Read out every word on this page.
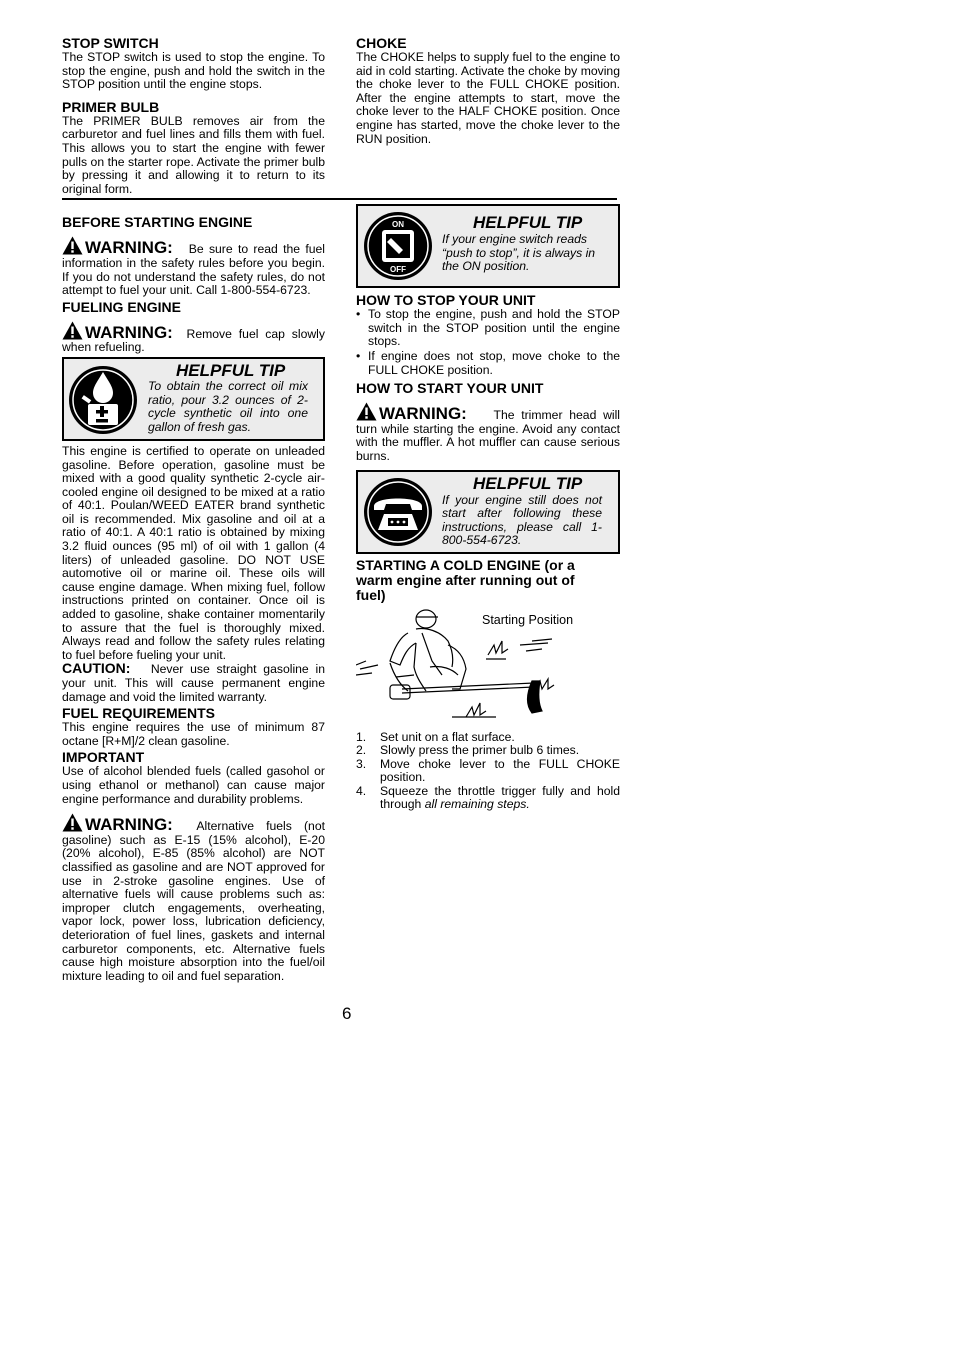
STOP SWITCH

The STOP switch is used to stop the engine. To stop the engine, push and hold the switch in the STOP position until the engine stops.

PRIMER BULB

The PRIMER BULB removes air from the carburetor and fuel lines and fills them with fuel. This allows you to start the engine with fewer pulls on the starter rope. Activate the primer bulb by pressing it and allowing it to return to its original form.

BEFORE STARTING ENGINE
WARNING: Be sure to read the fuel information in the safety rules before you begin. If you do not understand the safety rules, do not attempt to fuel your unit. Call 1-800-554-6723.
FUELING ENGINE
WARNING: Remove fuel cap slowly when refueling.
HELPFUL TIP
To obtain the correct oil mix ratio, pour 3.2 ounces of 2-cycle synthetic oil into one gallon of fresh gas.

This engine is certified to operate on unleaded gasoline. Before operation, gasoline must be mixed with a good quality synthetic 2-cycle air-cooled engine oil designed to be mixed at a ratio of 40:1. Poulan/WEED EATER brand synthetic oil is recommended. Mix gasoline and oil at a ratio of 40:1. A 40:1 ratio is obtained by mixing 3.2 fluid ounces (95 ml) of oil with 1 gallon (4 liters) of unleaded gasoline. DO NOT USE automotive oil or marine oil. These oils will cause engine damage. When mixing fuel, follow instructions printed on container. Once oil is added to gasoline, shake container momentarily to assure that the fuel is thoroughly mixed. Always read and follow the safety rules relating to fuel before fueling your unit.

CAUTION: Never use straight gasoline in your unit. This will cause permanent engine damage and void the limited warranty.

FUEL REQUIREMENTS

This engine requires the use of minimum 87 octane [R+M]/2 clean gasoline.

IMPORTANT

Use of alcohol blended fuels (called gasohol or using ethanol or methanol) can cause major engine performance and durability problems.

WARNING: Alternative fuels (not gasoline) such as E-15 (15% alcohol), E-20 (20% alcohol), E-85 (85% alcohol) are NOT classified as gasoline and are NOT approved for use in 2-stroke gasoline engines. Use of alternative fuels will cause problems such as: improper clutch engagements, overheating, vapor lock, power loss, lubrication deficiency, deterioration of fuel lines, gaskets and internal carburetor components, etc. Alternative fuels cause high moisture absorption into the fuel/oil mixture leading to oil and fuel separation.
CHOKE

The CHOKE helps to supply fuel to the engine to aid in cold starting. Activate the choke by moving the choke lever to the FULL CHOKE position. After the engine attempts to start, move the choke lever to the HALF CHOKE position. Once engine has started, move the choke lever to the RUN position.

ON
OFF
HELPFUL TIP
If your engine switch reads “push to stop”, it is always in the ON position.
HOW TO STOP YOUR UNIT
• To stop the engine, push and hold the STOP switch in the STOP position until the engine stops.
• If engine does not stop, move choke to the FULL CHOKE position.
HOW TO START YOUR UNIT
WARNING: The trimmer head will turn while starting the engine. Avoid any contact with the muffler. A hot muffler can cause serious burns.
HELPFUL TIP
If your engine still does not start after following these instructions, please call 1-800-554-6723.
STARTING A COLD ENGINE (or a warm engine after running out of fuel)
Starting Position
1. Set unit on a flat surface.
2. Slowly press the primer bulb 6 times.
3. Move choke lever to the FULL CHOKE position.
4. Squeeze the throttle trigger fully and hold through all remaining steps.
6
